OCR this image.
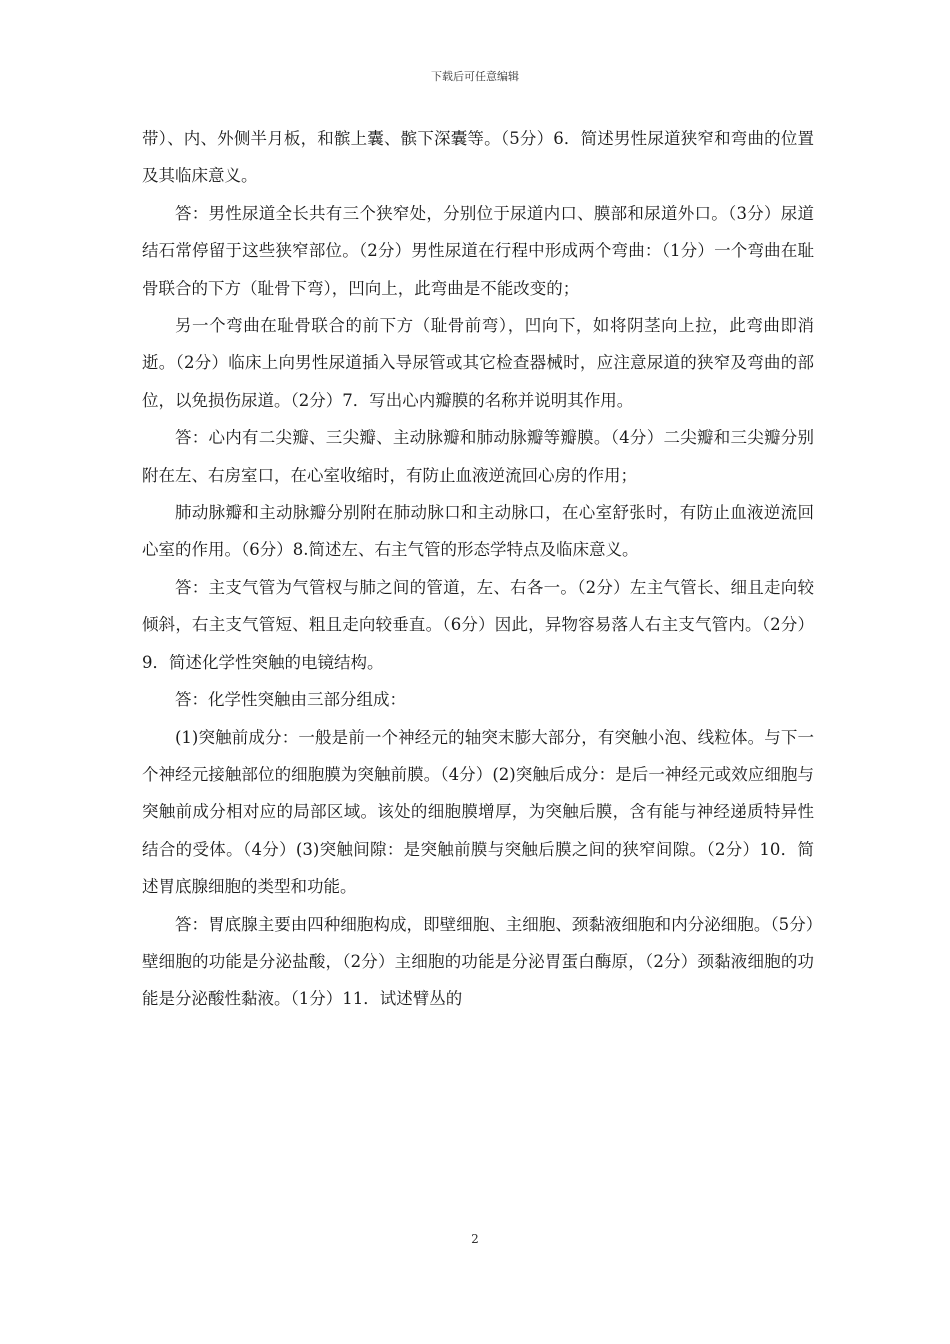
下载后可任意编辑

带）、内、外侧半月板，和髌上囊、髌下深囊等。（5分）6．简述男性尿道狭窄和弯曲的位置及其临床意义。

答：男性尿道全长共有三个狭窄处，分别位于尿道内口、膜部和尿道外口。（3分）尿道结石常停留于这些狭窄部位。（2分）男性尿道在行程中形成两个弯曲：（1分）一个弯曲在耻骨联合的下方（耻骨下弯），凹向上，此弯曲是不能改变的；

另一个弯曲在耻骨联合的前下方（耻骨前弯），凹向下，如将阴茎向上拉，此弯曲即消逝。（2分）临床上向男性尿道插入导尿管或其它检查器械时，应注意尿道的狭窄及弯曲的部位，以免损伤尿道。（2分）7．写出心内瓣膜的名称并说明其作用。

答：心内有二尖瓣、三尖瓣、主动脉瓣和肺动脉瓣等瓣膜。（4分）二尖瓣和三尖瓣分别附在左、右房室口，在心室收缩时，有防止血液逆流回心房的作用；

肺动脉瓣和主动脉瓣分别附在肺动脉口和主动脉口，在心室舒张时，有防止血液逆流回心室的作用。（6分）8.简述左、右主气管的形态学特点及临床意义。

答：主支气管为气管杈与肺之间的管道，左、右各一。（2分）左主气管长、细且走向较倾斜，右主支气管短、粗且走向较垂直。（6分）因此，异物容易落人右主支气管内。（2分）9．简述化学性突触的电镜结构。

答：化学性突触由三部分组成：

(1)突触前成分：一般是前一个神经元的轴突末膨大部分，有突触小泡、线粒体。与下一个神经元接触部位的细胞膜为突触前膜。（4分）(2)突触后成分：是后一神经元或效应细胞与突触前成分相对应的局部区域。该处的细胞膜增厚，为突触后膜，含有能与神经递质特异性结合的受体。（4分）(3)突触间隙：是突触前膜与突触后膜之间的狭窄间隙。（2分）10．简述胃底腺细胞的类型和功能。

答：胃底腺主要由四种细胞构成，即壁细胞、主细胞、颈黏液细胞和内分泌细胞。（5分）壁细胞的功能是分泌盐酸，（2分）主细胞的功能是分泌胃蛋白酶原，（2分）颈黏液细胞的功能是分泌酸性黏液。（1分）11．试述臂丛的

2
